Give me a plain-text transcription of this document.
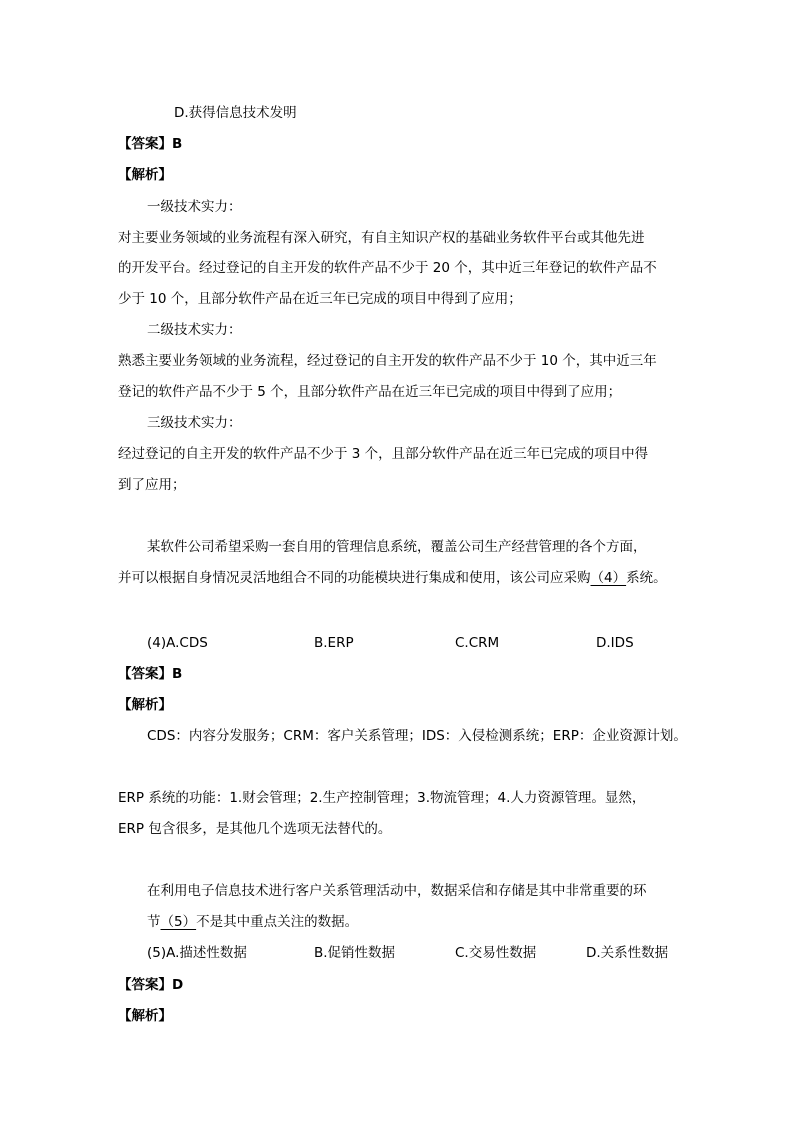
D.获得信息技术发明
【答案】B
【解析】
一级技术实力：
对主要业务领域的业务流程有深入研究，有自主知识产权的基础业务软件平台或其他先进
的开发平台。经过登记的自主开发的软件产品不少于 20 个，其中近三年登记的软件产品不
少于 10 个，且部分软件产品在近三年已完成的项目中得到了应用；
二级技术实力：
熟悉主要业务领域的业务流程，经过登记的自主开发的软件产品不少于 10 个，其中近三年
登记的软件产品不少于 5 个，且部分软件产品在近三年已完成的项目中得到了应用；
三级技术实力：
经过登记的自主开发的软件产品不少于 3 个，且部分软件产品在近三年已完成的项目中得
到了应用；
某软件公司希望采购一套自用的管理信息系统，覆盖公司生产经营管理的各个方面，
并可以根据自身情况灵活地组合不同的功能模块进行集成和使用，该公司应采购（4）系统。
(4)A.CDS	B.ERP	C.CRM	D.IDS
【答案】B
【解析】
CDS：内容分发服务；CRM：客户关系管理；IDS：入侵检测系统；ERP：企业资源计划。
ERP 系统的功能：1.财会管理；2.生产控制管理；3.物流管理；4.人力资源管理。显然，
ERP 包含很多，是其他几个选项无法替代的。
在利用电子信息技术进行客户关系管理活动中，数据采信和存储是其中非常重要的环
节（5）不是其中重点关注的数据。
(5)A.描述性数据	B.促销性数据	C.交易性数据	D.关系性数据
【答案】D
【解析】
